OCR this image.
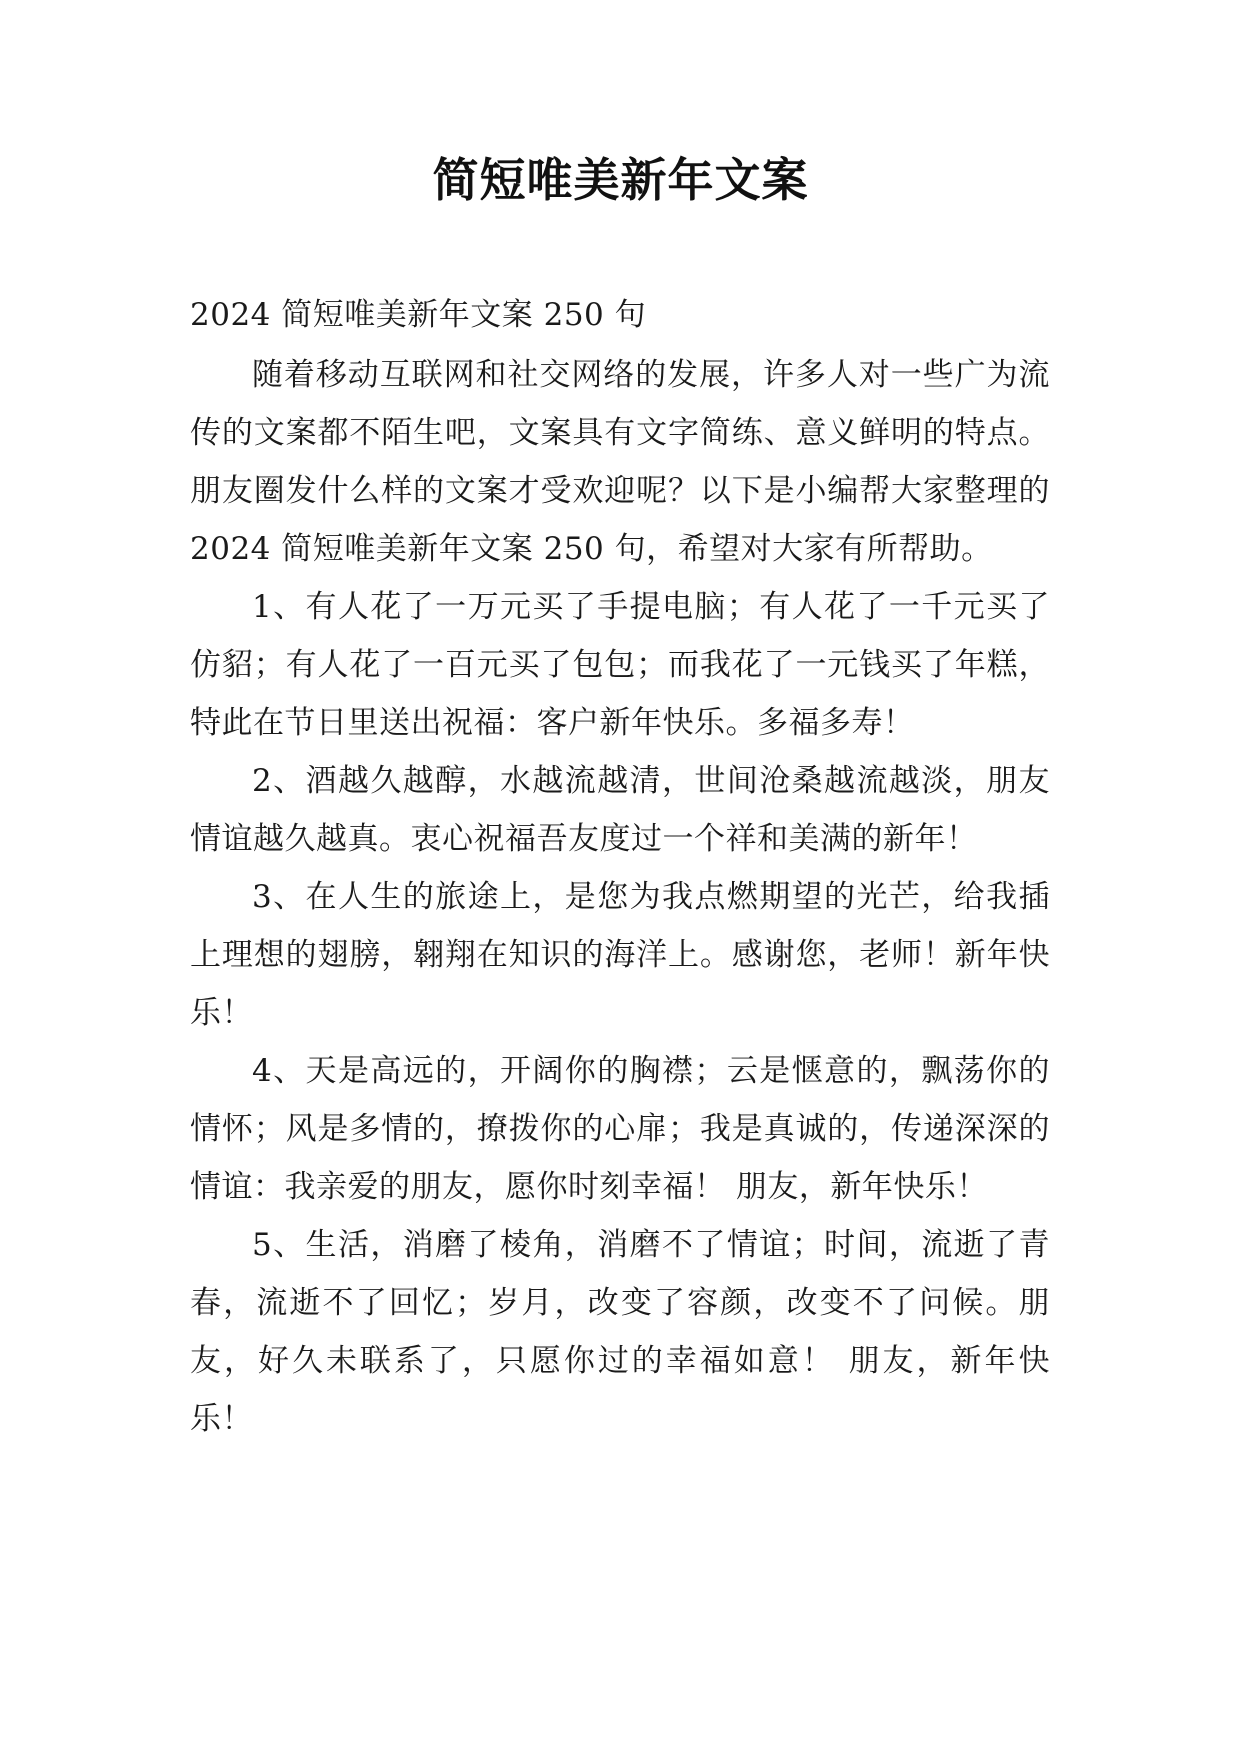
简短唯美新年文案

2024 简短唯美新年文案 250 句

随着移动互联网和社交网络的发展，许多人对一些广为流传的文案都不陌生吧，文案具有文字简练、意义鲜明的特点。朋友圈发什么样的文案才受欢迎呢？以下是小编帮大家整理的 2024 简短唯美新年文案 250 句，希望对大家有所帮助。

1、有人花了一万元买了手提电脑；有人花了一千元买了仿貂；有人花了一百元买了包包；而我花了一元钱买了年糕，特此在节日里送出祝福：客户新年快乐。多福多寿！

2、酒越久越醇，水越流越清，世间沧桑越流越淡，朋友情谊越久越真。衷心祝福吾友度过一个祥和美满的新年！

3、在人生的旅途上，是您为我点燃期望的光芒，给我插上理想的翅膀，翱翔在知识的海洋上。感谢您，老师！新年快乐！

4、天是高远的，开阔你的胸襟；云是惬意的，飘荡你的情怀；风是多情的，撩拨你的心扉；我是真诚的，传递深深的情谊：我亲爱的朋友，愿你时刻幸福！ 朋友，新年快乐！

5、生活，消磨了棱角，消磨不了情谊；时间，流逝了青春，流逝不了回忆；岁月，改变了容颜，改变不了问候。朋友，好久未联系了，只愿你过的幸福如意！ 朋友，新年快乐！
